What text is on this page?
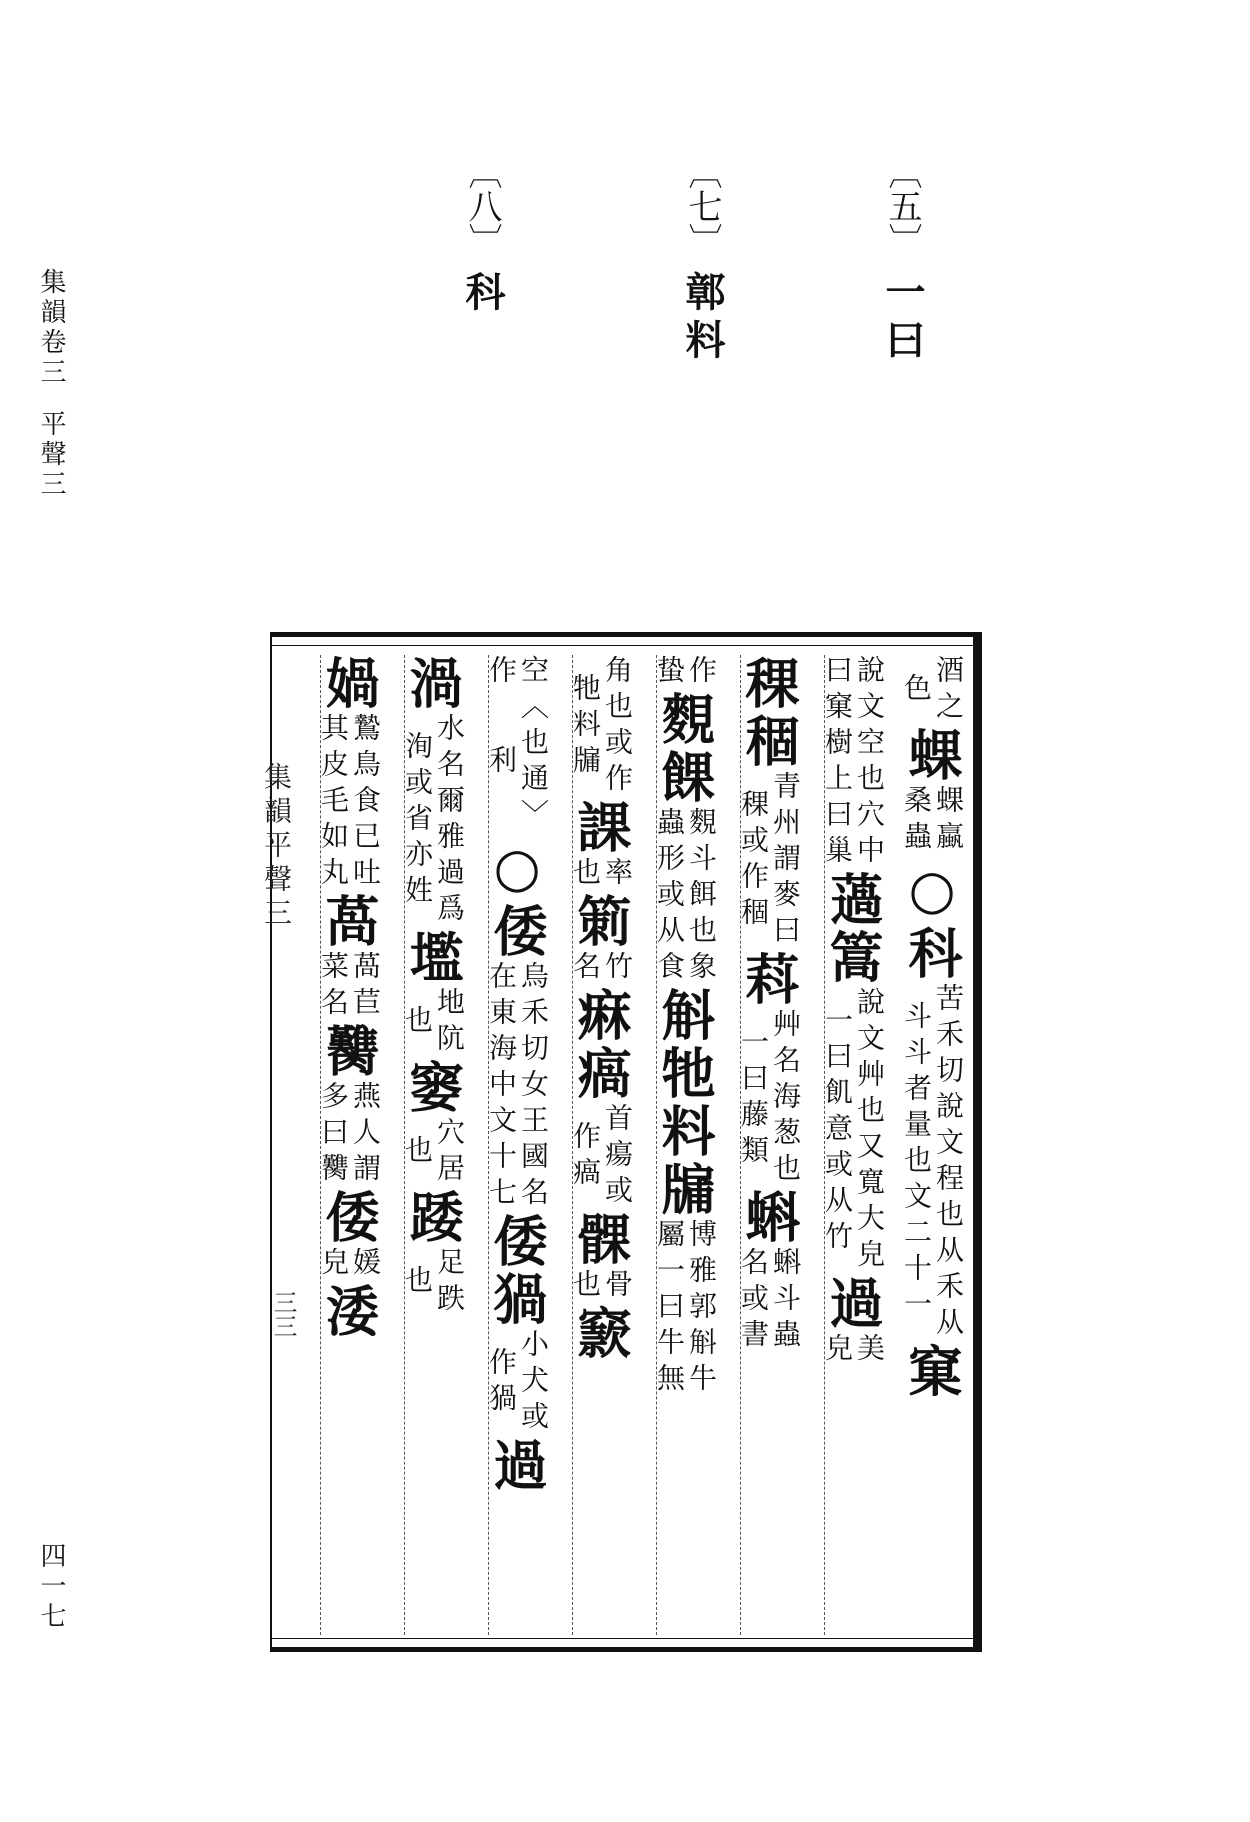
集韻卷三平聲三
四一七
〔五〕一曰
〔七〕鄣料
〔八〕科
酒之
色
蜾
蜾蠃
桑蟲
○科
苦禾切說文程也从禾从
斗斗者量也文二十一
窠
說文空也穴中
曰窠樹上曰巢
薖篙
說文艸也又寬大皃
一曰飢意或从竹
過
美
皃
稞稒
青州謂麥曰
稞或作稒
萪
艸名海葱也
一曰藤類
蝌
蝌斗蟲
名或書
作
蛰
麲餜
麲斗餌也象
蟲形或从食
斛牠料牖
博雅郭斛牛
屬一曰牛無
角也或作
牠料牖
課
率
也
箣
竹
名
痳瘑
首瘍或
作瘑
髁
骨
也
窾
空
作
〈也通〉
利
○倭
烏禾切女王國名
在東海中文十七
倭猧
小犬或
作猧
過
渦
水名爾雅過爲
洵或省亦姓
壏
地阬
也
窭
穴居
也
踒
足跌
也
媧
鷙鳥食已吐
其皮毛如丸
萵
萵苣
菜名
臡
燕人謂
多曰臡
倭
媛
皃
涹
集韻平聲三
三三
